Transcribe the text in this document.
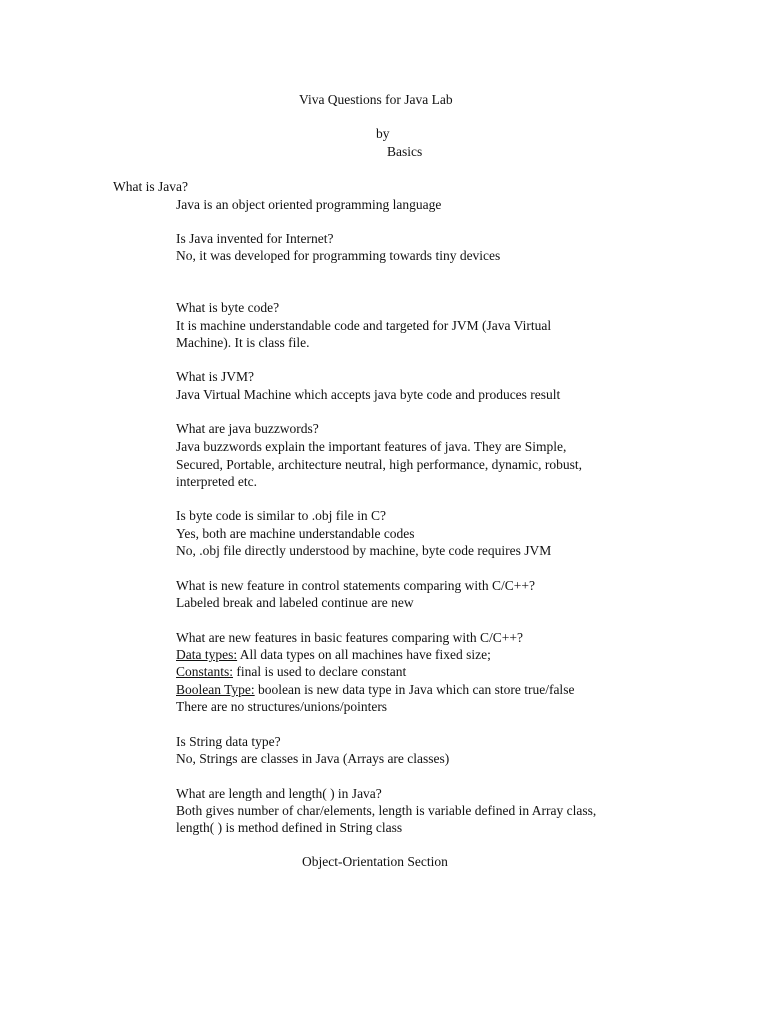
Viva Questions for Java Lab
by
Basics
What is Java?
Java is an object oriented programming language
Is Java invented for Internet?
No, it was developed for programming towards tiny devices
What is byte code?
It is machine understandable code and targeted for JVM (Java Virtual
Machine). It is class file.
What is JVM?
Java Virtual Machine which accepts java byte code and produces result
What are java buzzwords?
Java buzzwords explain the important features of java. They are Simple,
Secured, Portable, architecture neutral, high performance, dynamic, robust,
interpreted etc.
Is byte code is similar to .obj file in C?
Yes, both are machine understandable codes
No, .obj file directly understood by machine, byte code requires JVM
What is new feature in control statements comparing with C/C++?
Labeled break and labeled continue are new
What are new features in basic features comparing with C/C++?
Data types: All data types on all machines have fixed size;
Constants: final is used to declare constant
Boolean Type: boolean is new data type in Java which can store true/false
There are no structures/unions/pointers
Is String data type?
No, Strings are classes in Java (Arrays are classes)
What are length and length( ) in Java?
Both gives number of char/elements, length is variable defined in Array class,
length( ) is method defined in String class
Object-Orientation Section
